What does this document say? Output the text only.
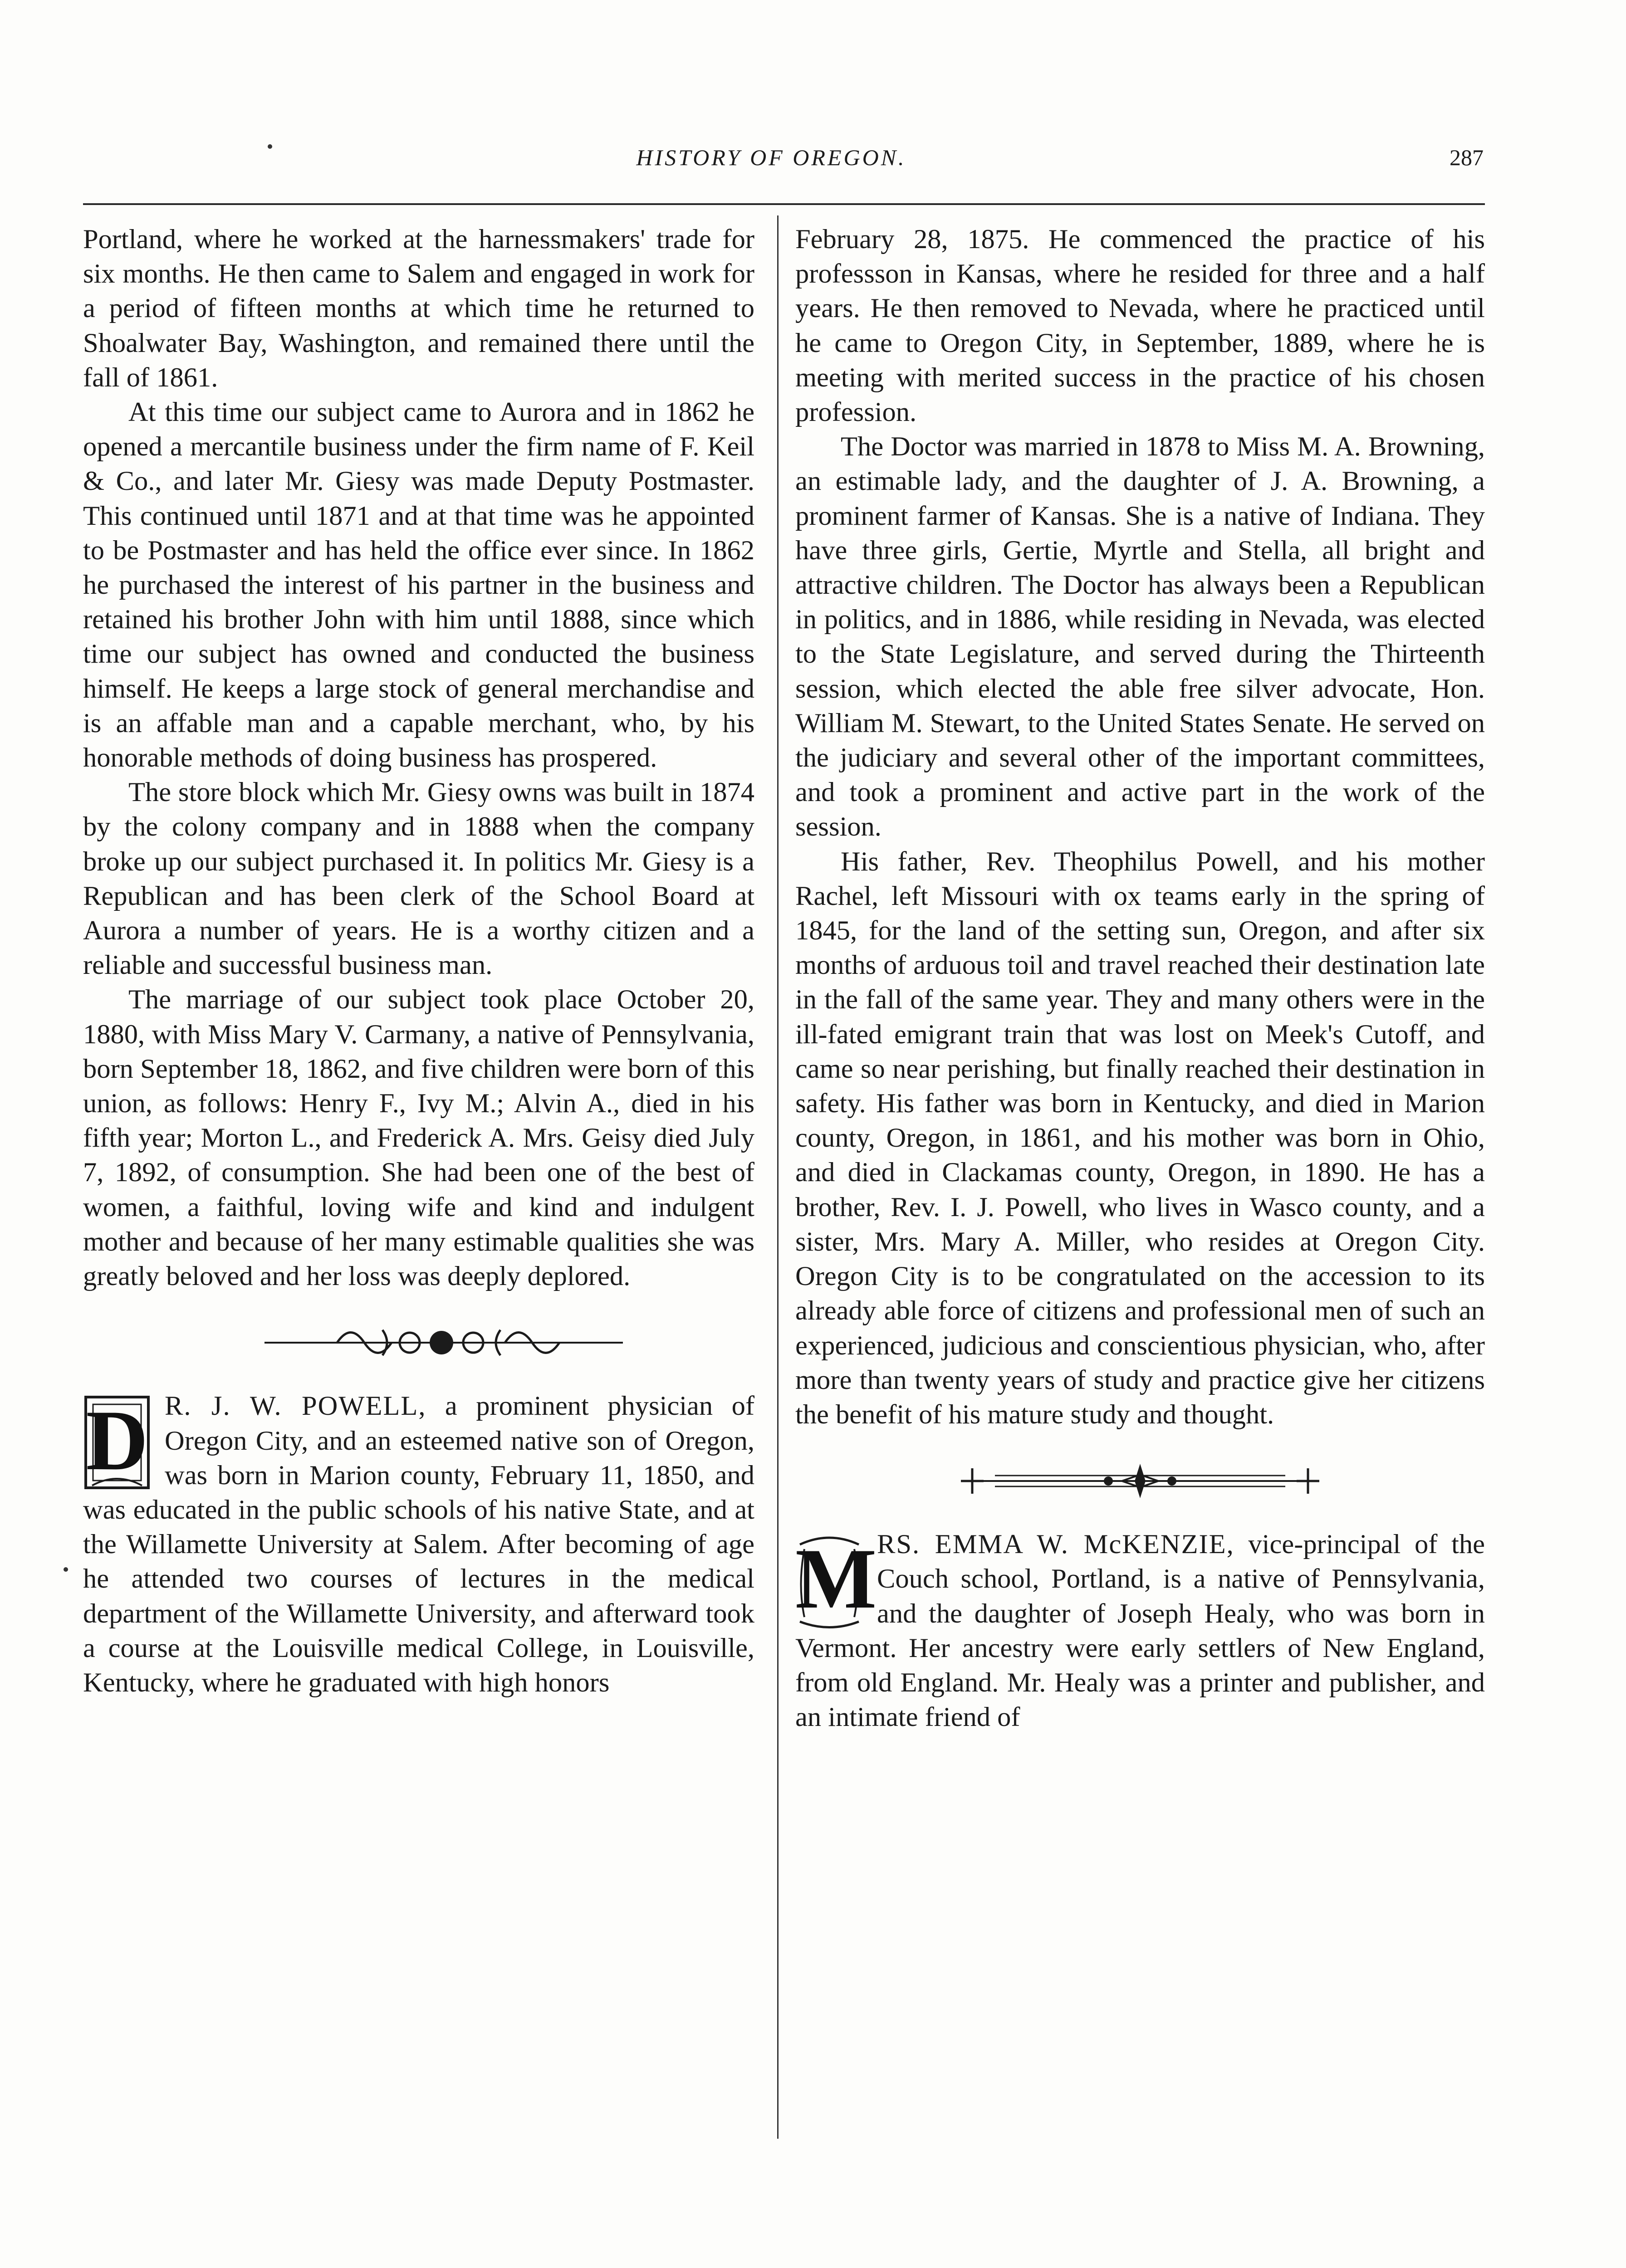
HISTORY OF OREGON.	287

Portland, where he worked at the harnessmakers' trade for six months. He then came to Salem and engaged in work for a period of fifteen months at which time he returned to Shoalwater Bay, Washington, and remained there until the fall of 1861.

At this time our subject came to Aurora and in 1862 he opened a mercantile business under the firm name of F. Keil & Co., and later Mr. Giesy was made Deputy Postmaster. This continued until 1871 and at that time was he appointed to be Postmaster and has held the office ever since. In 1862 he purchased the interest of his partner in the business and retained his brother John with him until 1888, since which time our subject has owned and conducted the business himself. He keeps a large stock of general merchandise and is an affable man and a capable merchant, who, by his honorable methods of doing business has prospered.

The store block which Mr. Giesy owns was built in 1874 by the colony company and in 1888 when the company broke up our subject purchased it. In politics Mr. Giesy is a Republican and has been clerk of the School Board at Aurora a number of years. He is a worthy citizen and a reliable and successful business man.

The marriage of our subject took place October 20, 1880, with Miss Mary V. Carmany, a native of Pennsylvania, born September 18, 1862, and five children were born of this union, as follows: Henry F., Ivy M.; Alvin A., died in his fifth year; Morton L., and Frederick A. Mrs. Geisy died July 7, 1892, of consumption. She had been one of the best of women, a faithful, loving wife and kind and indulgent mother and because of her many estimable qualities she was greatly beloved and her loss was deeply deplored.

D R. J. W. POWELL, a prominent physician of Oregon City, and an esteemed native son of Oregon, was born in Marion county, February 11, 1850, and was educated in the public schools of his native State, and at the Willamette University at Salem. After becoming of age he attended two courses of lectures in the medical department of the Willamette University, and afterward took a course at the Louisville medical College, in Louisville, Kentucky, where he graduated with high honors

February 28, 1875. He commenced the practice of his professson in Kansas, where he resided for three and a half years. He then removed to Nevada, where he practiced until he came to Oregon City, in September, 1889, where he is meeting with merited success in the practice of his chosen profession.

The Doctor was married in 1878 to Miss M. A. Browning, an estimable lady, and the daughter of J. A. Browning, a prominent farmer of Kansas. She is a native of Indiana. They have three girls, Gertie, Myrtle and Stella, all bright and attractive children. The Doctor has always been a Republican in politics, and in 1886, while residing in Nevada, was elected to the State Legislature, and served during the Thirteenth session, which elected the able free silver advocate, Hon. William M. Stewart, to the United States Senate. He served on the judiciary and several other of the important committees, and took a prominent and active part in the work of the session.

His father, Rev. Theophilus Powell, and his mother Rachel, left Missouri with ox teams early in the spring of 1845, for the land of the setting sun, Oregon, and after six months of arduous toil and travel reached their destination late in the fall of the same year. They and many others were in the ill-fated emigrant train that was lost on Meek's Cutoff, and came so near perishing, but finally reached their destination in safety. His father was born in Kentucky, and died in Marion county, Oregon, in 1861, and his mother was born in Ohio, and died in Clackamas county, Oregon, in 1890. He has a brother, Rev. I. J. Powell, who lives in Wasco county, and a sister, Mrs. Mary A. Miller, who resides at Oregon City. Oregon City is to be congratulated on the accession to its already able force of citizens and professional men of such an experienced, judicious and conscientious physician, who, after more than twenty years of study and practice give her citizens the benefit of his mature study and thought.

M RS. EMMA W. McKENZIE, vice-principal of the Couch school, Portland, is a native of Pennsylvania, and the daughter of Joseph Healy, who was born in Vermont. Her ancestry were early settlers of New England, from old England. Mr. Healy was a printer and publisher, and an intimate friend of
